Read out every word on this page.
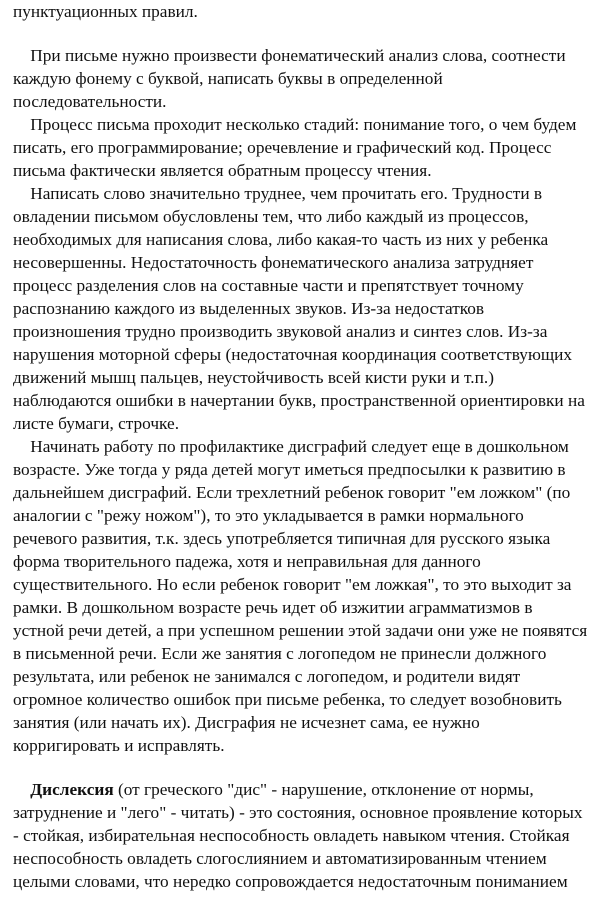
пунктуационных правил.
При письме нужно произвести фонематический анализ слова, соотнести
каждую фонему с буквой, написать буквы в определенной
последовательности.
Процесс письма проходит несколько стадий: понимание того, о чем будем
писать, его программирование; оречевление и графический код. Процесс
письма фактически является обратным процессу чтения.
Написать слово значительно труднее, чем прочитать его. Трудности в
овладении письмом обусловлены тем, что либо каждый из процессов,
необходимых для написания слова, либо какая-то часть из них у ребенка
несовершенны. Недостаточность фонематического анализа затрудняет
процесс разделения слов на составные части и препятствует точному
распознанию каждого из выделенных звуков. Из-за недостатков
произношения трудно производить звуковой анализ и синтез слов. Из-за
нарушения моторной сферы (недостаточная координация соответствующих
движений мышц пальцев, неустойчивость всей кисти руки и т.п.)
наблюдаются ошибки в начертании букв, пространственной ориентировки на
листе бумаги, строчке.
Начинать работу по профилактике дисграфий следует еще в дошкольном
возрасте. Уже тогда у ряда детей могут иметься предпосылки к развитию в
дальнейшем дисграфий. Если трехлетний ребенок говорит "ем ложком" (по
аналогии с "режу ножом"), то это укладывается в рамки нормального
речевого развития, т.к. здесь употребляется типичная для русского языка
форма творительного падежа, хотя и неправильная для данного
существительного. Но если ребенок говорит "ем ложкая", то это выходит за
рамки. В дошкольном возрасте речь идет об изжитии аграмматизмов в
устной речи детей, а при успешном решении этой задачи они уже не появятся
в письменной речи. Если же занятия с логопедом не принесли должного
результата, или ребенок не занимался с логопедом, и родители видят
огромное количество ошибок при письме ребенка, то следует возобновить
занятия (или начать их). Дисграфия не исчезнет сама, ее нужно
корригировать и исправлять.
Дислексия (от греческого "дис" - нарушение, отклонение от нормы,
затруднение и "лего" - читать) - это состояния, основное проявление которых
- стойкая, избирательная неспособность овладеть навыком чтения. Стойкая
неспособность овладеть слогослиянием и автоматизированным чтением
целыми словами, что нередко сопровождается недостаточным пониманием
